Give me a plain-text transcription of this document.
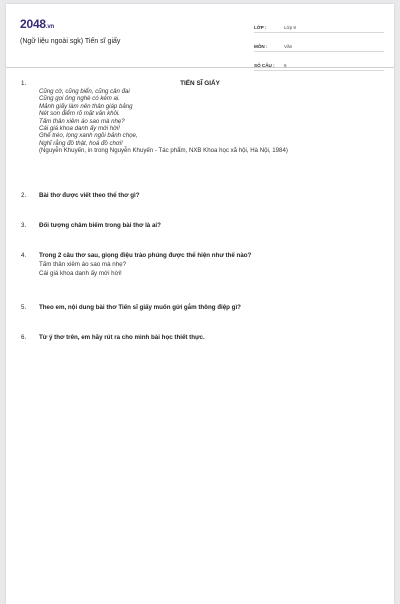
2048.vn
(Ngữ liệu ngoài sgk) Tiến sĩ giấy
LỚP :	Lớp 8
MÔN :	Văn
SỐ CÂU :	6
1.	TIẾN SĨ GIẤY
Cũng cờ, cũng biển, cũng cân đai
Cũng gọi ông nghè có kém ai.
Mảnh giấy làm nên thân giáp bảng
Nét son điểm rõ mặt văn khôi.
Tấm thân xiêm áo sao mà nhẹ?
Cái giá khoa danh ấy mới hời!
Ghế tréo, lọng xanh ngồi bảnh chọe,
Nghĩ rằng đồ thật, hoá đồ chơi!
(Nguyễn Khuyến, in trong Nguyễn Khuyến - Tác phẩm, NXB Khoa học xã hội, Hà Nội, 1984)
2. Bài thơ được viết theo thể thơ gì?
3. Đối tượng châm biếm trong bài thơ là ai?
4. Trong 2 câu thơ sau, giọng điệu trào phúng được thể hiện như thế nào?
Tấm thân xiêm áo sao mà nhẹ?
Cái giá khoa danh ấy mới hời!
5. Theo em, nội dung bài thơ Tiến sĩ giấy muốn gửi gắm thông điệp gì?
6. Từ ý thơ trên, em hãy rút ra cho mình bài học thiết thực.
